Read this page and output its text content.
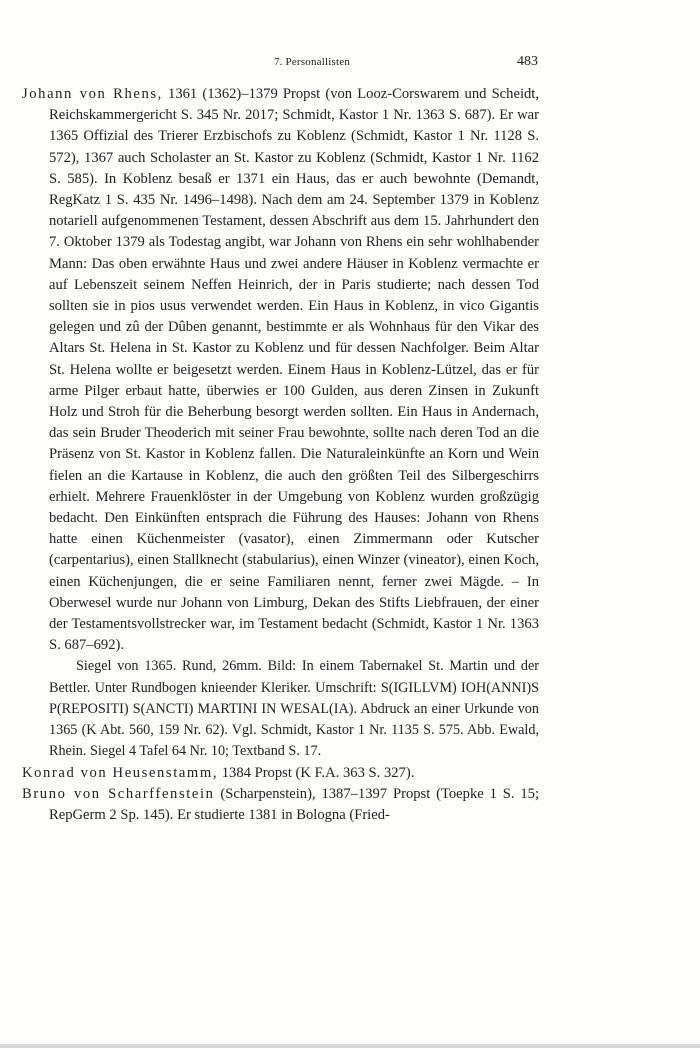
7. Personallisten	483

Johann von Rhens, 1361 (1362)–1379 Propst (von Looz-Corswarem und Scheidt, Reichskammergericht S. 345 Nr. 2017; Schmidt, Kastor 1 Nr. 1363 S. 687). Er war 1365 Offizial des Trierer Erzbischofs zu Koblenz (Schmidt, Kastor 1 Nr. 1128 S. 572), 1367 auch Scholaster an St. Kastor zu Koblenz (Schmidt, Kastor 1 Nr. 1162 S. 585). In Koblenz besaß er 1371 ein Haus, das er auch bewohnte (Demandt, RegKatz 1 S. 435 Nr. 1496–1498). Nach dem am 24. September 1379 in Koblenz notariell aufgenommenen Testament, dessen Abschrift aus dem 15. Jahrhundert den 7. Oktober 1379 als Todestag angibt, war Johann von Rhens ein sehr wohlhabender Mann: Das oben erwähnte Haus und zwei andere Häuser in Koblenz vermachte er auf Lebenszeit seinem Neffen Heinrich, der in Paris studierte; nach dessen Tod sollten sie in pios usus verwendet werden. Ein Haus in Koblenz, in vico Gigantis gelegen und zû der Dûben genannt, bestimmte er als Wohnhaus für den Vikar des Altars St. Helena in St. Kastor zu Koblenz und für dessen Nachfolger. Beim Altar St. Helena wollte er beigesetzt werden. Einem Haus in Koblenz-Lützel, das er für arme Pilger erbaut hatte, überwies er 100 Gulden, aus deren Zinsen in Zukunft Holz und Stroh für die Beherbung besorgt werden sollten. Ein Haus in Andernach, das sein Bruder Theoderich mit seiner Frau bewohnte, sollte nach deren Tod an die Präsenz von St. Kastor in Koblenz fallen. Die Naturaleinkünfte an Korn und Wein fielen an die Kartause in Koblenz, die auch den größten Teil des Silbergeschirrs erhielt. Mehrere Frauenklöster in der Umgebung von Koblenz wurden großzügig bedacht. Den Einkünften entsprach die Führung des Hauses: Johann von Rhens hatte einen Küchenmeister (vasator), einen Zimmermann oder Kutscher (carpentarius), einen Stallknecht (stabularius), einen Winzer (vineator), einen Koch, einen Küchenjungen, die er seine Familiaren nennt, ferner zwei Mägde. – In Oberwesel wurde nur Johann von Limburg, Dekan des Stifts Liebfrauen, der einer der Testamentsvollstrecker war, im Testament bedacht (Schmidt, Kastor 1 Nr. 1363 S. 687–692).

Siegel von 1365. Rund, 26mm. Bild: In einem Tabernakel St. Martin und der Bettler. Unter Rundbogen knieender Kleriker. Umschrift: S(IGILLVM) IOH(ANNI)S P(REPOSITI) S(ANCTI) MARTINI IN WESAL(IA). Abdruck an einer Urkunde von 1365 (K Abt. 560, 159 Nr. 62). Vgl. Schmidt, Kastor 1 Nr. 1135 S. 575. Abb. Ewald, Rhein. Siegel 4 Tafel 64 Nr. 10; Textband S. 17.

Konrad von Heusenstamm, 1384 Propst (K F.A. 363 S. 327).

Bruno von Scharffenstein (Scharpenstein), 1387–1397 Propst (Toepke 1 S. 15; RepGerm 2 Sp. 145). Er studierte 1381 in Bologna (Fried-
